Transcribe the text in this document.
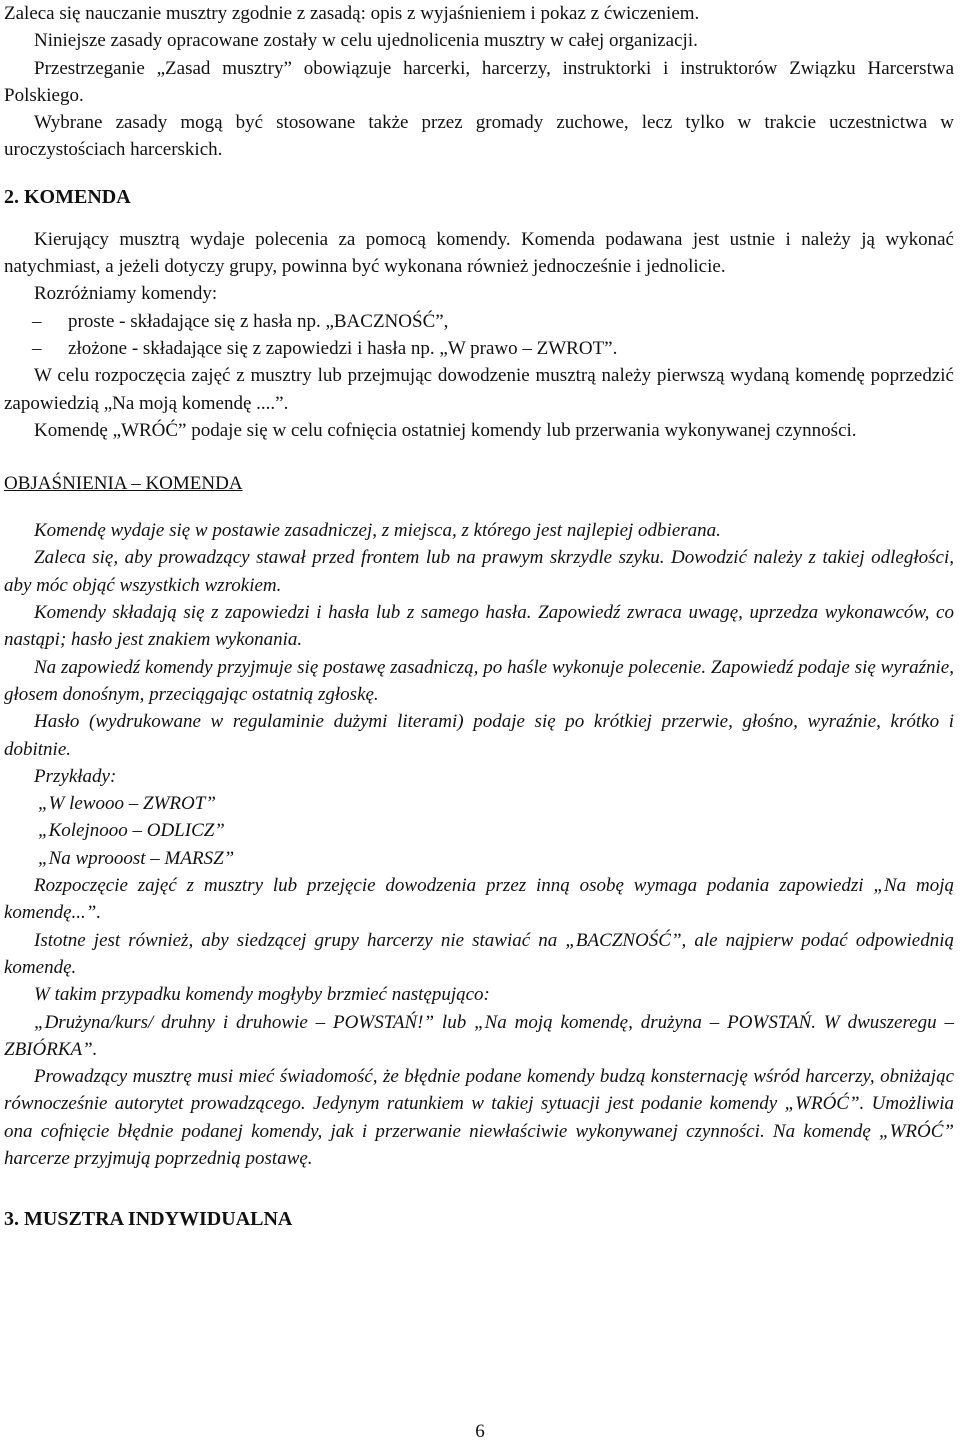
Zaleca się nauczanie musztry zgodnie z zasadą: opis z wyjaśnieniem i pokaz z ćwiczeniem.

Niniejsze zasady opracowane zostały w celu ujednolicenia musztry w całej organizacji.

Przestrzeganie „Zasad musztry” obowiązuje harcerki, harcerzy, instruktorki i instruktorów Związku Harcerstwa Polskiego.

Wybrane zasady mogą być stosowane także przez gromady zuchowe, lecz tylko w trakcie uczestnictwa w uroczystościach harcerskich.

2. KOMENDA

Kierujący musztrą wydaje polecenia za pomocą komendy. Komenda podawana jest ustnie i należy ją wykonać natychmiast, a jeżeli dotyczy grupy, powinna być wykonana również jednocześnie i jednolicie.

Rozróżniamy komendy:

– proste - składające się z hasła np. „BACZNOŚĆ”,
– złożone - składające się z zapowiedzi i hasła np. „W prawo – ZWROT”.

W celu rozpoczęcia zajęć z musztry lub przejmując dowodzenie musztrą należy pierwszą wydaną komendę poprzedzić zapowiedzią „Na moją komendę ....”.

Komendę „WRÓĆ” podaje się w celu cofnięcia ostatniej komendy lub przerwania wykonywanej czynności.

OBJAŚNIENIA – KOMENDA

Komendę wydaje się w postawie zasadniczej, z miejsca, z którego jest najlepiej odbierana.

Zaleca się, aby prowadzący stawał przed frontem lub na prawym skrzydle szyku. Dowodzić należy z takiej odległości, aby móc objąć wszystkich wzrokiem.

Komendy składają się z zapowiedzi i hasła lub z samego hasła. Zapowiedź zwraca uwagę, uprzedza wykonawców, co nastąpi; hasło jest znakiem wykonania.

Na zapowiedź komendy przyjmuje się postawę zasadniczą, po haśle wykonuje polecenie. Zapowiedź podaje się wyraźnie, głosem donośnym, przeciągając ostatnią zgłoskę.

Hasło (wydrukowane w regulaminie dużymi literami) podaje się po krótkiej przerwie, głośno, wyraźnie, krótko i dobitnie.

Przykłady:

„W lewooo – ZWROT”

„Kolejnooo – ODLICZ”

„Na wprooost – MARSZ”

Rozpoczęcie zajęć z musztry lub przejęcie dowodzenia przez inną osobę wymaga podania zapowiedzi „Na moją komendę...”.

Istotne jest również, aby siedzącej grupy harcerzy nie stawiać na „BACZNOŚĆ”, ale najpierw podać odpowiednią komendę.

W takim przypadku komendy mogłyby brzmieć następująco:

„Drużyna/kurs/ druhny i druhowie – POWSTAŃ!” lub „Na moją komendę, drużyna – POWSTAŃ. W dwuszeregu – ZBIÓRKA”.

Prowadzący musztrę musi mieć świadomość, że błędnie podane komendy budzą konsternację wśród harcerzy, obniżając równocześnie autorytet prowadzącego. Jedynym ratunkiem w takiej sytuacji jest podanie komendy „WRÓĆ”. Umożliwia ona cofnięcie błędnie podanej komendy, jak i przerwanie niewłaściwie wykonywanej czynności. Na komendę „WRÓĆ” harcerze przyjmują poprzednią postawę.

3. MUSZTRA INDYWIDUALNA
6
